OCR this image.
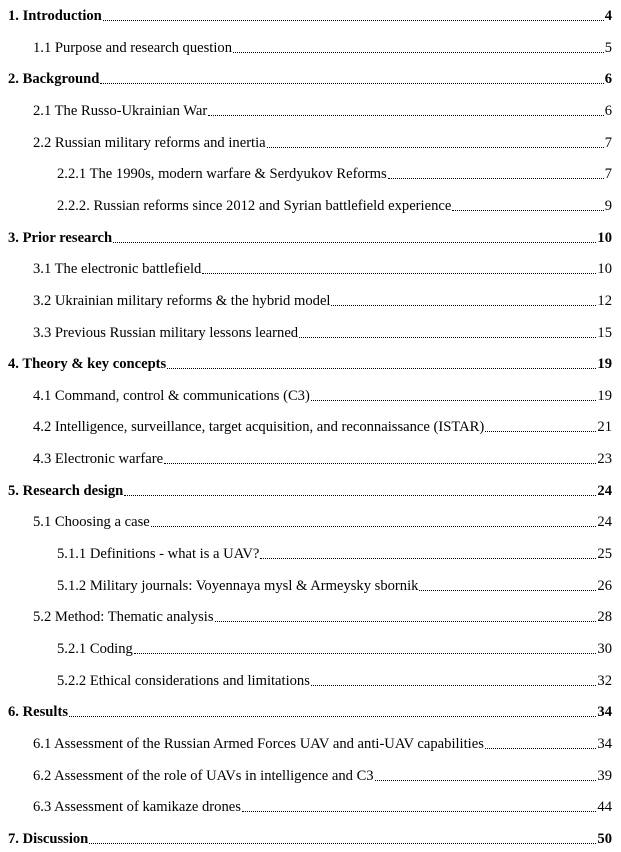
1. Introduction	4
1.1 Purpose and research question	5
2. Background	6
2.1 The Russo-Ukrainian War	6
2.2 Russian military reforms and inertia	7
2.2.1 The 1990s, modern warfare & Serdyukov Reforms	7
2.2.2. Russian reforms since 2012 and Syrian battlefield experience	9
3. Prior research	10
3.1 The electronic battlefield	10
3.2 Ukrainian military reforms & the hybrid model	12
3.3 Previous Russian military lessons learned	15
4. Theory & key concepts	19
4.1 Command, control & communications (C3)	19
4.2 Intelligence, surveillance, target acquisition, and reconnaissance (ISTAR)	21
4.3 Electronic warfare	23
5. Research design	24
5.1 Choosing a case	24
5.1.1 Definitions - what is a UAV?	25
5.1.2 Military journals: Voyennaya mysl & Armeysky sbornik	26
5.2 Method: Thematic analysis	28
5.2.1 Coding	30
5.2.2 Ethical considerations and limitations	32
6. Results	34
6.1 Assessment of the Russian Armed Forces UAV and anti-UAV capabilities	34
6.2 Assessment of the role of UAVs in intelligence and C3	39
6.3 Assessment of kamikaze drones	44
7. Discussion	50
